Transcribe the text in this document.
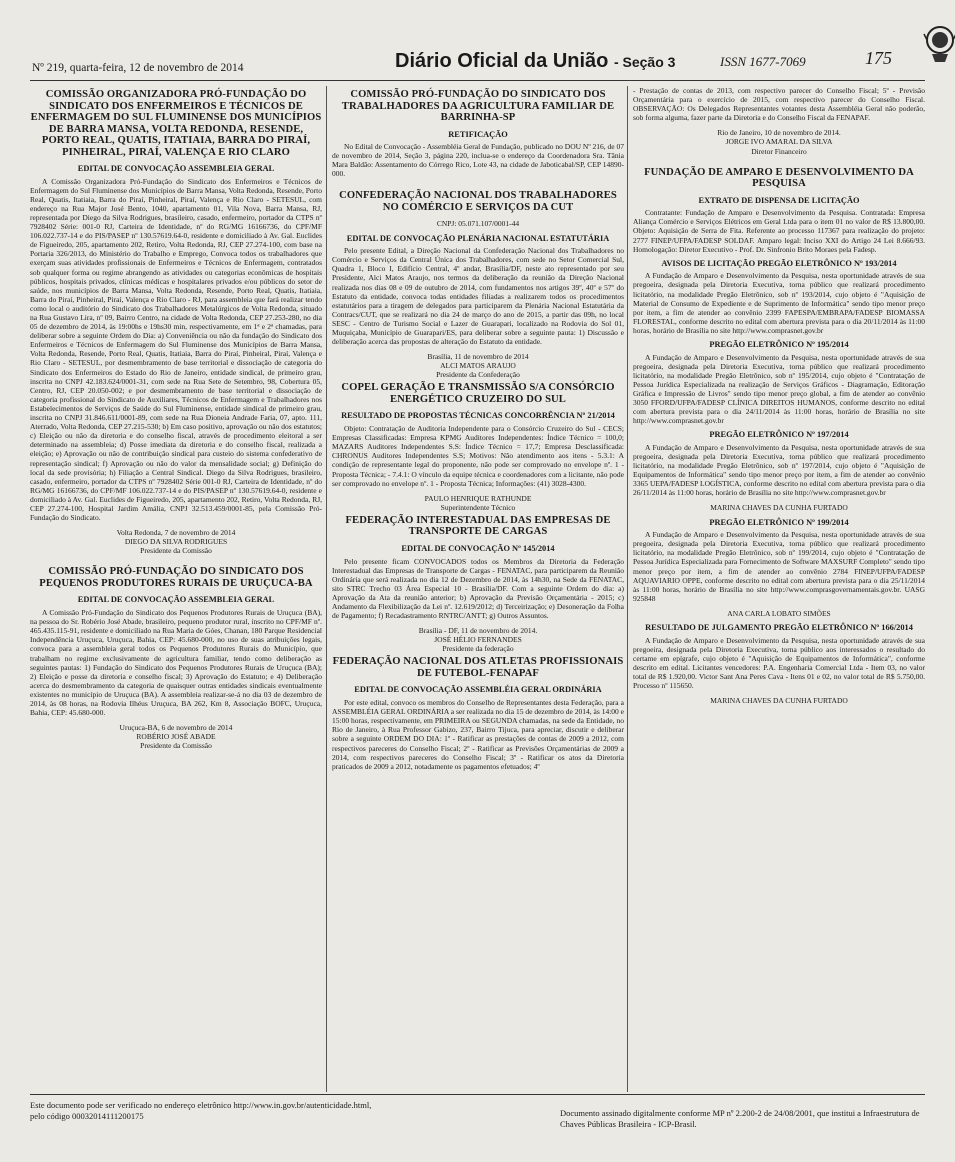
Nº 219, quarta-feira, 12 de novembro de 2014	Diário Oficial da União - Seção 3	ISSN 1677-7069	175
COMISSÃO ORGANIZADORA PRÓ-FUNDAÇÃO DO SINDICATO DOS ENFERMEIROS E TÉCNICOS DE ENFERMAGEM DO SUL FLUMINENSE DOS MUNICÍPIOS DE BARRA MANSA, VOLTA REDONDA, RESENDE, PORTO REAL, QUATIS, ITATIAIA, BARRA DO PIRAÍ, PINHEIRAL, PIRAÍ, VALENÇA E RIO CLARO
EDITAL DE CONVOCAÇÃO ASSEMBLEIA GERAL
A Comissão Organizadora Pró-Fundação do Sindicato dos Enfermeiros e Técnicos de Enfermagem do Sul Fluminense dos Municípios de Barra Mansa, Volta Redonda, Resende, Porto Real, Quatis, Itatiaia, Barra do Piraí, Pinheiral, Piraí, Valença e Rio Claro - SETESUL, com endereço na Rua Major José Bento, 1040, apartamento 01, Vila Nova, Barra Mansa, RJ, representada por Diego da Silva Rodrigues, brasileiro, casado, enfermeiro, portador da CTPS nº 7928402 Série: 001-0 RJ, Carteira de Identidade, nº do RG/MG 16166736, do CPF/MF 106.022.737-14 e do PIS/PASEP nº 130.57619.64-0, residente e domiciliado à Av. Gal. Euclides de Figueiredo, 205, apartamento 202, Retiro, Volta Redonda, RJ, CEP 27.274-100, com base na Portaria 326/2013, do Ministério do Trabalho e Emprego, Convoca todos os trabalhadores que exerçam suas atividades profissionais de Enfermeiros e Técnicos de Enfermagem, contratados sob qualquer forma ou regime abrangendo as atividades ou categorias econômicas de hospitais públicos, hospitais privados, clínicas médicas e hospitalares privados e/ou públicos do setor de saúde, nos municípios de Barra Mansa, Volta Redonda, Resende, Porto Real, Quatis, Itatiaia, Barra do Piraí, Pinheiral, Piraí, Valença e Rio Claro - RJ, para assembleia que fará realizar tendo como local o auditório do Sindicato dos Trabalhadores Metalúrgicos de Volta Redonda, situado na Rua Gustavo Lira, nº 09, Bairro Centro, na cidade de Volta Redonda, CEP 27.253-280, no dia 05 de dezembro de 2014, às 19:00hs e 19hs30 min, respectivamente, em 1ª e 2ª chamadas, para deliberar sobre a seguinte Ordem do Dia: a) Conveniência ou não da fundação do Sindicato dos Enfermeiros e Técnicos de Enfermagem do Sul Fluminense dos Municípios de Barra Mansa, Volta Redonda, Resende, Porto Real, Quatis, Itatiaia, Barra do Piraí, Pinheiral, Piraí, Valença e Rio Claro - SETESUL, por desmembramento de base territorial e dissociação de categoria do Sindicato dos Enfermeiros do Estado do Rio de Janeiro, entidade sindical, de primeiro grau, inscrita no CNPJ 42.183.624/0001-31, com sede na Rua Sete de Setembro, 98, Cobertura 05, Centro, RJ, CEP 20.050-002; e por desmembramento de base territorial e dissociação de categoria profissional do Sindicato de Auxiliares, Técnicos de Enfermagem e Trabalhadores nos Estabelecimentos de Serviços de Saúde do Sul Fluminense, entidade sindical de primeiro grau, inscrita no CNPJ 31.846.611/0001-89, com sede na Rua Dioneia Andrade Faria, 07, apto. 111, Aterrado, Volta Redonda, CEP 27.215-530; b) Em caso positivo, aprovação ou não dos estatutos; c) Eleição ou não da diretoria e do conselho fiscal, através de procedimento eleitoral a ser determinado na assembleia; d) Posse imediata da diretoria e do conselho fiscal, realizada a eleição; e) Aprovação ou não de contribuição sindical para custeio do sistema confederativo de representação sindical; f) Aprovação ou não do valor da mensalidade social; g) Definição do local da sede provisória; h) Filiação a Central Sindical. Diego da Silva Rodrigues, brasileiro, casado, enfermeiro, portador da CTPS nº 7928402 Série 001-0 RJ, Carteira de Identidade, nº do RG/MG 16166736, do CPF/MF 106.022.737-14 e do PIS/PASEP nº 130.57619.64-0, residente e domiciliado à Av. Gal. Euclides de Figueiredo, 205, apartamento 202, Retiro, Volta Redonda, RJ, CEP 27.274-100, Hospital Jardim Amália, CNPJ 32.513.459/0001-85, pela Comissão Pró-Fundação do Sindicato.
Volta Redonda, 7 de novembro de 2014
DIEGO DA SILVA RODRIGUES
Presidente da Comissão
COMISSÃO PRÓ-FUNDAÇÃO DO SINDICATO DOS PEQUENOS PRODUTORES RURAIS DE URUÇUCA-BA
EDITAL DE CONVOCAÇÃO ASSEMBLEIA GERAL
A Comissão Pró-Fundação do Sindicato dos Pequenos Produtores Rurais de Uruçuca (BA), na pessoa do Sr. Robério José Abade, brasileiro, pequeno produtor rural, inscrito no CPF/MF nº. 465.435.115-91, residente e domiciliado na Rua Maria de Góes, Chanan, 180 Parque Residencial Independência Uruçuca, Uruçuca, Bahia, CEP: 45.680-000, no uso de suas atribuições legais, convoca para a assembleia geral todos os Pequenos Produtores Rurais do Município, que trabalham no regime exclusivamente de agricultura familiar, tendo como deliberação as seguintes pautas: 1) Fundação do Sindicato dos Pequenos Produtores Rurais de Uruçuca (BA); 2) Eleição e posse da diretoria e conselho fiscal; 3) Aprovação do Estatuto; e 4) Deliberação acerca do desmembramento da categoria de quaisquer outras entidades sindicais eventualmente existentes no município de Uruçuca (BA). A assembleia realizar-se-á no dia 03 de dezembro de 2014, às 08 horas, na Rodovia Ilhéus Uruçuca, BA 262, Km 8, Associação BOFC, Uruçuca, Bahia, CEP: 45.680-000.
Uruçuca-BA, 6 de novembro de 2014
ROBÉRIO JOSÉ ABADE
Presidente da Comissão
COMISSÃO PRÓ-FUNDAÇÃO DO SINDICATO DOS TRABALHADORES DA AGRICULTURA FAMILIAR DE BARRINHA-SP
RETIFICAÇÃO
No Edital de Convocação - Assembléia Geral de Fundação, publicado no DOU Nº 216, de 07 de novembro de 2014, Seção 3, página 220, inclua-se o endereço da Coordenadora Sra. Tânia Mara Baldão: Assentamento do Córrego Rico, Lote 43, na cidade de Jaboticabal/SP, CEP 14890-000.
CONFEDERAÇÃO NACIONAL DOS TRABALHADORES NO COMÉRCIO E SERVIÇOS DA CUT
CNPJ: 05.071.107/0001-44
EDITAL DE CONVOCAÇÃO PLENÁRIA NACIONAL ESTATUTÁRIA
Pelo presente Edital, a Direção Nacional da Confederação Nacional dos Trabalhadores no Comércio e Serviços da Central Única dos Trabalhadores, com sede no Setor Comercial Sul, Quadra 1, Bloco I, Edifício Central, 4º andar, Brasília/DF, neste ato representado por seu Presidente, Alci Matos Araujo, nos termos da deliberação da reunião da Direção Nacional realizada nos dias 08 e 09 de outubro de 2014, com fundamentos nos artigos 39º, 40º e 57º do Estatuto da entidade, convoca todas entidades filiadas a realizarem todos os procedimentos estatutários para a tiragem de delegados para participarem da Plenária Nacional Estatutária da Contracs/CUT, que se realizará no dia 24 de março do ano de 2015, a partir das 09h, no local SESC - Centro de Turismo Social e Lazer de Guarapari, localizado na Rodovia do Sol 01, Muquiçaba, Município de Guarapari/ES, para deliberar sobre a seguinte pauta: 1) Discussão e deliberação acerca das propostas de alteração do Estatuto da entidade.
Brasília, 11 de novembro de 2014
ALCI MATOS ARAUJO
Presidente da Confederação
COPEL GERAÇÃO E TRANSMISSÃO S/A CONSÓRCIO ENERGÉTICO CRUZEIRO DO SUL
RESULTADO DE PROPOSTAS TÉCNICAS CONCORRÊNCIA Nº 21/2014
Objeto: Contratação de Auditoria Independente para o Consórcio Cruzeiro do Sul - CECS; Empresas Classificadas: Empresa KPMG Auditores Independentes: Índice Técnico = 100,0; MAZARS Auditores Independentes S.S: Índice Técnico = 17,7; Empresa Desclassificada: CHRONUS Auditores Independentes S.S; Motivos: Não atendimento aos itens - 5.3.1: A condição de representante legal do proponente, não pode ser comprovado no envelope nº. 1 - Proposta Técnica; - 7.4.1: O vínculo da equipe técnica e coordenadores com a licitante, não pode ser comprovado no envelope nº. 1 - Proposta Técnica; Informações: (41) 3028-4300.
PAULO HENRIQUE RATHUNDE
Superintendente Técnico
FEDERAÇÃO INTERESTADUAL DAS EMPRESAS DE TRANSPORTE DE CARGAS
EDITAL DE CONVOCAÇÃO Nº 145/2014
Pelo presente ficam CONVOCADOS todos os Membros da Diretoria da Federação Interestadual das Empresas de Transporte de Cargas - FENATAC, para participarem da Reunião Ordinária que será realizada no dia 12 de Dezembro de 2014, às 14h30, na Sede da FENATAC, sito STRC Trecho 03 Área Especial 10 - Brasília/DF. Com a seguinte Ordem do dia: a) Aprovação da Ata da reunião anterior; b) Aprovação da Previsão Orçamentária - 2015; c) Andamento da Flexibilização da Lei nº. 12.619/2012; d) Terceirização; e) Desoneração da Folha de Pagamento; f) Recadastramento RNTRC/ANTT; g) Outros Assuntos.
Brasília - DF, 11 de novembro de 2014.
JOSÉ HÉLIO FERNANDES
Presidente da federação
FEDERAÇÃO NACIONAL DOS ATLETAS PROFISSIONAIS DE FUTEBOL-FENAPAF
EDITAL DE CONVOCAÇÃO ASSEMBLÉIA GERAL ORDINÁRIA
Por este edital, convoco os membros do Conselho de Representantes desta Federação, para a ASSEMBLÉIA GERAL ORDINÁRIA a ser realizada no dia 15 de dezembro de 2014, às 14:00 e 15:00 horas, respectivamente, em PRIMEIRA ou SEGUNDA chamadas, na sede da Entidade, no Rio de Janeiro, à Rua Professor Gabizo, 237, Bairro Tijuca, para apreciar, discutir e deliberar sobre a seguinte ORDEM DO DIA: 1º - Ratificar as prestações de contas de 2009 a 2012, com respectivos pareceres do Conselho Fiscal; 2º - Ratificar as Previsões Orçamentárias de 2009 a 2014, com respectivos pareceres do Conselho Fiscal; 3º - Ratificar os atos da Diretoria praticados de 2009 a 2012, notadamente os pagamentos efetuados; 4º
- Prestação de contas de 2013, com respectivo parecer do Conselho Fiscal; 5º - Previsão Orçamentária para o exercício de 2015, com respectivo parecer do Conselho Fiscal. OBSERVAÇÃO: Os Delegados Representantes votantes desta Assembléia Geral não poderão, sob forma alguma, fazer parte da Diretoria e do Conselho Fiscal da FENAPAF.
Rio de Janeiro, 10 de novembro de 2014.
JORGE IVO AMARAL DA SILVA
Diretor Financeiro
FUNDAÇÃO DE AMPARO E DESENVOLVIMENTO DA PESQUISA
EXTRATO DE DISPENSA DE LICITAÇÃO
Contratante: Fundação de Amparo e Desenvolvimento da Pesquisa. Contratada: Empresa Aliança Comércio e Serviços Elétricos em Geral Ltda para o item 01 no valor de R$ 13.800,00. Objeto: Aquisição de Serra de Fita. Referente ao processo 117367 para realização do projeto: 2777 FINEP/UFPA/FADESP SOLDAF. Amparo legal: Inciso XXI do Artigo 24 Lei 8.666/93. Homologação: Diretor Executivo - Prof. Dr. Sinfronio Brito Moraes pela Fadesp.
AVISOS DE LICITAÇÃO PREGÃO ELETRÔNICO Nº 193/2014
A Fundação de Amparo e Desenvolvimento da Pesquisa, nesta oportunidade através de sua pregoeira, designada pela Diretoria Executiva, torna público que realizará procedimento licitatório, na modalidade Pregão Eletrônico, sob nº 193/2014, cujo objeto é "Aquisição de Material de Consumo de Expediente e de Suprimento de Informática" sendo tipo menor preço por item, a fim de atender ao convênio 2399 FAPESPA/EMBRAPA/FADESP BIOMASSA FLORESTAL, conforme descrito no edital com abertura prevista para o dia 20/11/2014 às 11:00 horas, horário de Brasília no site http://www.comprasnet.gov.br
PREGÃO ELETRÔNICO Nº 195/2014
A Fundação de Amparo e Desenvolvimento da Pesquisa, nesta oportunidade através de sua pregoeira, designada pela Diretoria Executiva, torna público que realizará procedimento licitatório, na modalidade Pregão Eletrônico, sob nº 195/2014, cujo objeto é "Contratação de Pessoa Jurídica Especializada na realização de Serviços Gráficos - Diagramação, Editoração Gráfica e Impressão de Livros" sendo tipo menor preço global, a fim de atender ao convênio 3050 FFORD/UFPA/FADESP CLÍNICA DIREITOS HUMANOS, conforme descrito no edital com abertura prevista para o dia 24/11/2014 às 11:00 horas, horário de Brasília no site http://www.comprasnet.gov.br
PREGÃO ELETRÔNICO Nº 197/2014
A Fundação de Amparo e Desenvolvimento da Pesquisa, nesta oportunidade através de sua pregoeira, designada pela Diretoria Executiva, torna público que realizará procedimento licitatório, na modalidade Pregão Eletrônico, sob nº 197/2014, cujo objeto é "Aquisição de Equipamentos de Informática" sendo tipo menor preço por item, a fim de atender ao convênio 3365 UEPA/FADESP LOGÍSTICA, conforme descrito no edital com abertura prevista para o dia 26/11/2014 às 11:00 horas, horário de Brasília no site http://www.comprasnet.gov.br
MARINA CHAVES DA CUNHA FURTADO
PREGÃO ELETRÔNICO Nº 199/2014
A Fundação de Amparo e Desenvolvimento da Pesquisa, nesta oportunidade através de sua pregoeira, designada pela Diretoria Executiva, torna público que realizará procedimento licitatório, na modalidade Pregão Eletrônico, sob nº 199/2014, cujo objeto é "Contratação de Pessoa Jurídica Especializada para Fornecimento de Software MAXSURF Completo" sendo tipo menor preço por item, a fim de atender ao convênio 2784 FINEP/UFPA/FADESP AQUAVIARIO OPPE, conforme descrito no edital com abertura prevista para o dia 25/11/2014 às 11:00 horas, horário de Brasília no site http://www.comprasgovernamentais.gov.br. UASG 925848
ANA CARLA LOBATO SIMÕES
RESULTADO DE JULGAMENTO PREGÃO ELETRÔNICO Nº 166/2014
A Fundação de Amparo e Desenvolvimento da Pesquisa, nesta oportunidade através de sua pregoeira, designada pela Diretoria Executiva, torna público aos interessados o resultado do certame em epígrafe, cujo objeto é "Aquisição de Equipamentos de Informática", conforme descrito em edital. Licitantes vencedores: P.A. Engenharia Comercial Ltda - Item 03, no valor total de R$ 1.920,00. Victor Sant Ana Peres Cava - Itens 01 e 02, no valor total de R$ 5.750,00. Processo nº 115650.
MARINA CHAVES DA CUNHA FURTADO
Este documento pode ser verificado no endereço eletrônico http://www.in.gov.br/autenticidade.html,
pelo código 00032014111200175	Documento assinado digitalmente conforme MP nº 2.200-2 de 24/08/2001, que institui a Infraestrutura de Chaves Públicas Brasileira - ICP-Brasil.
